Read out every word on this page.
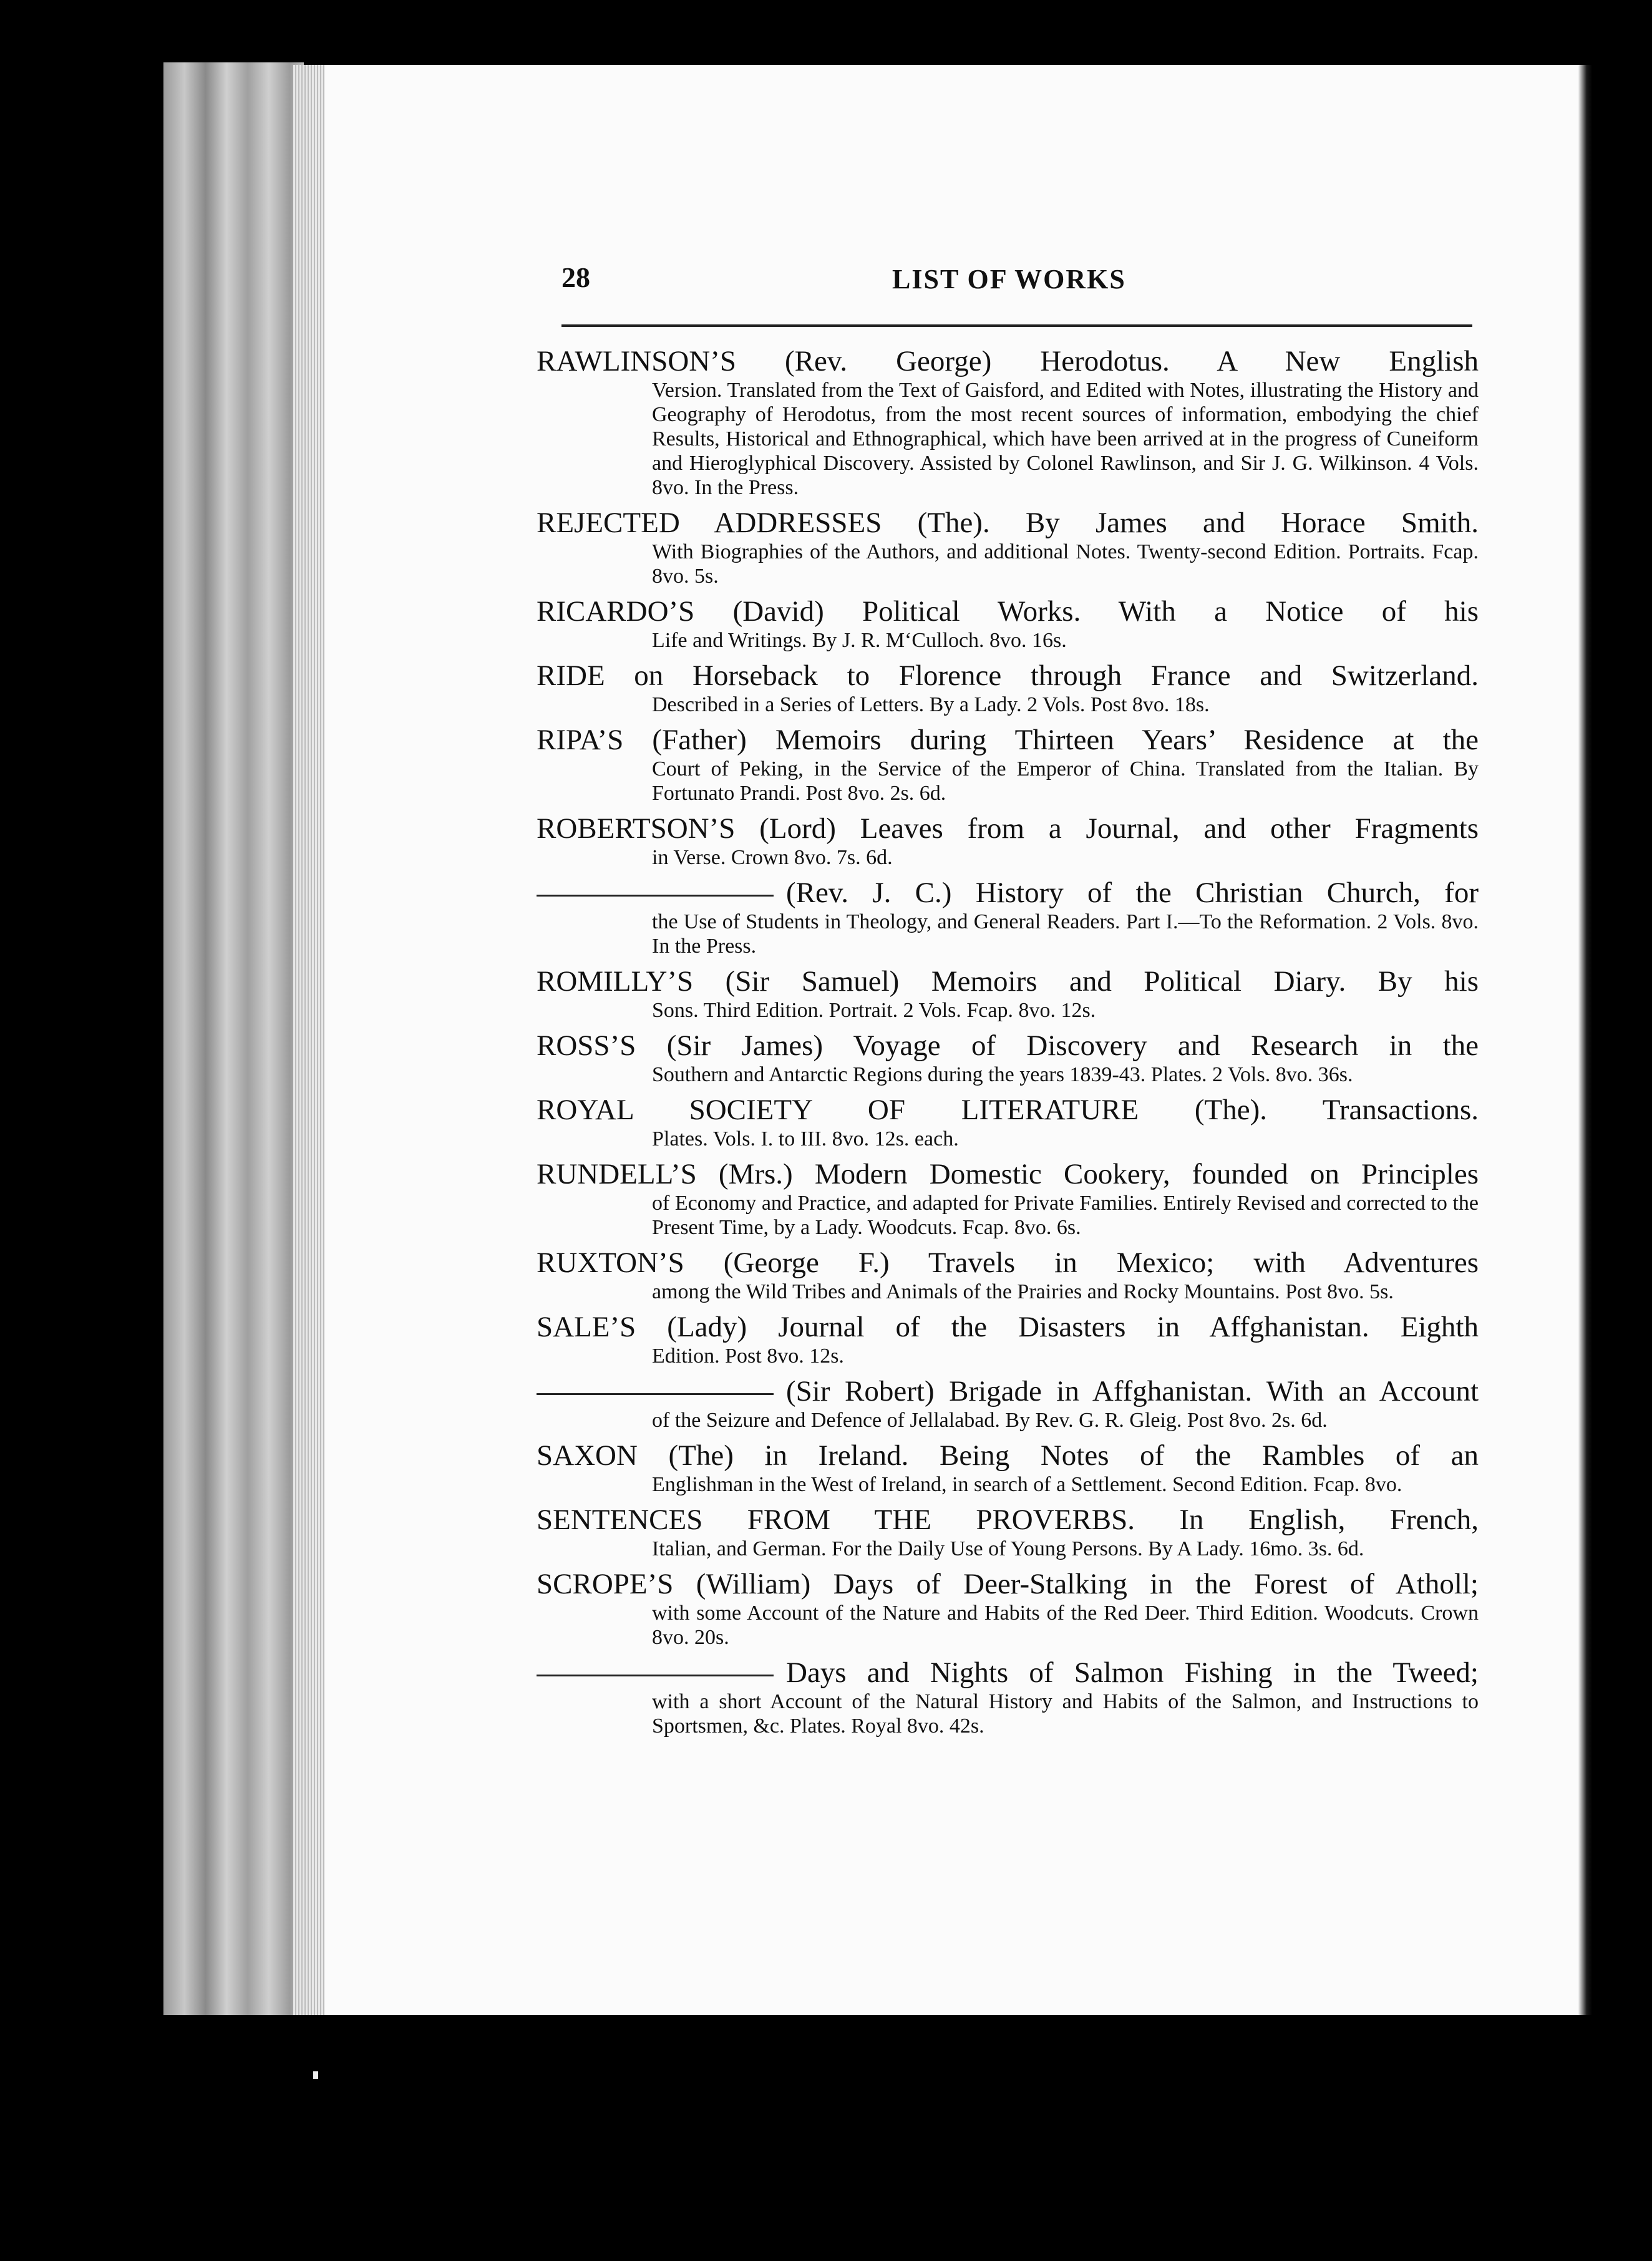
28	LIST OF WORKS
RAWLINSON’S (Rev. George) Herodotus. A New English
Version. Translated from the Text of Gaisford, and Edited with Notes, illustrating the History and Geography of Herodotus, from the most recent sources of information, embodying the chief Results, Historical and Ethnographical, which have been arrived at in the progress of Cuneiform and Hieroglyphical Discovery. Assisted by Colonel Rawlinson, and Sir J. G. Wilkinson. 4 Vols. 8vo. In the Press.
REJECTED ADDRESSES (The). By James and Horace Smith.
With Biographies of the Authors, and additional Notes. Twenty-second Edition. Portraits. Fcap. 8vo. 5s.
RICARDO’S (David) Political Works. With a Notice of his
Life and Writings. By J. R. M‘Culloch. 8vo. 16s.
RIDE on Horseback to Florence through France and Switzerland.
Described in a Series of Letters. By a Lady. 2 Vols. Post 8vo. 18s.
RIPA’S (Father) Memoirs during Thirteen Years’ Residence at the
Court of Peking, in the Service of the Emperor of China. Translated from the Italian. By Fortunato Prandi. Post 8vo. 2s. 6d.
ROBERTSON’S (Lord) Leaves from a Journal, and other Fragments
in Verse. Crown 8vo. 7s. 6d.
(Rev. J. C.) History of the Christian Church, for
the Use of Students in Theology, and General Readers. Part I.—To the Reformation. 2 Vols. 8vo. In the Press.
ROMILLY’S (Sir Samuel) Memoirs and Political Diary. By his
Sons. Third Edition. Portrait. 2 Vols. Fcap. 8vo. 12s.
ROSS’S (Sir James) Voyage of Discovery and Research in the
Southern and Antarctic Regions during the years 1839-43. Plates. 2 Vols. 8vo. 36s.
ROYAL SOCIETY OF LITERATURE (The). Transactions.
Plates. Vols. I. to III. 8vo. 12s. each.
RUNDELL’S (Mrs.) Modern Domestic Cookery, founded on Principles
of Economy and Practice, and adapted for Private Families. Entirely Revised and corrected to the Present Time, by a Lady. Woodcuts. Fcap. 8vo. 6s.
RUXTON’S (George F.) Travels in Mexico; with Adventures
among the Wild Tribes and Animals of the Prairies and Rocky Mountains. Post 8vo. 5s.
SALE’S (Lady) Journal of the Disasters in Affghanistan. Eighth
Edition. Post 8vo. 12s.
(Sir Robert) Brigade in Affghanistan. With an Account
of the Seizure and Defence of Jellalabad. By Rev. G. R. Gleig. Post 8vo. 2s. 6d.
SAXON (The) in Ireland. Being Notes of the Rambles of an
Englishman in the West of Ireland, in search of a Settlement. Second Edition. Fcap. 8vo.
SENTENCES FROM THE PROVERBS. In English, French,
Italian, and German. For the Daily Use of Young Persons. By A Lady. 16mo. 3s. 6d.
SCROPE’S (William) Days of Deer-Stalking in the Forest of Atholl;
with some Account of the Nature and Habits of the Red Deer. Third Edition. Woodcuts. Crown 8vo. 20s.
Days and Nights of Salmon Fishing in the Tweed;
with a short Account of the Natural History and Habits of the Salmon, and Instructions to Sportsmen, &c. Plates. Royal 8vo. 42s.
